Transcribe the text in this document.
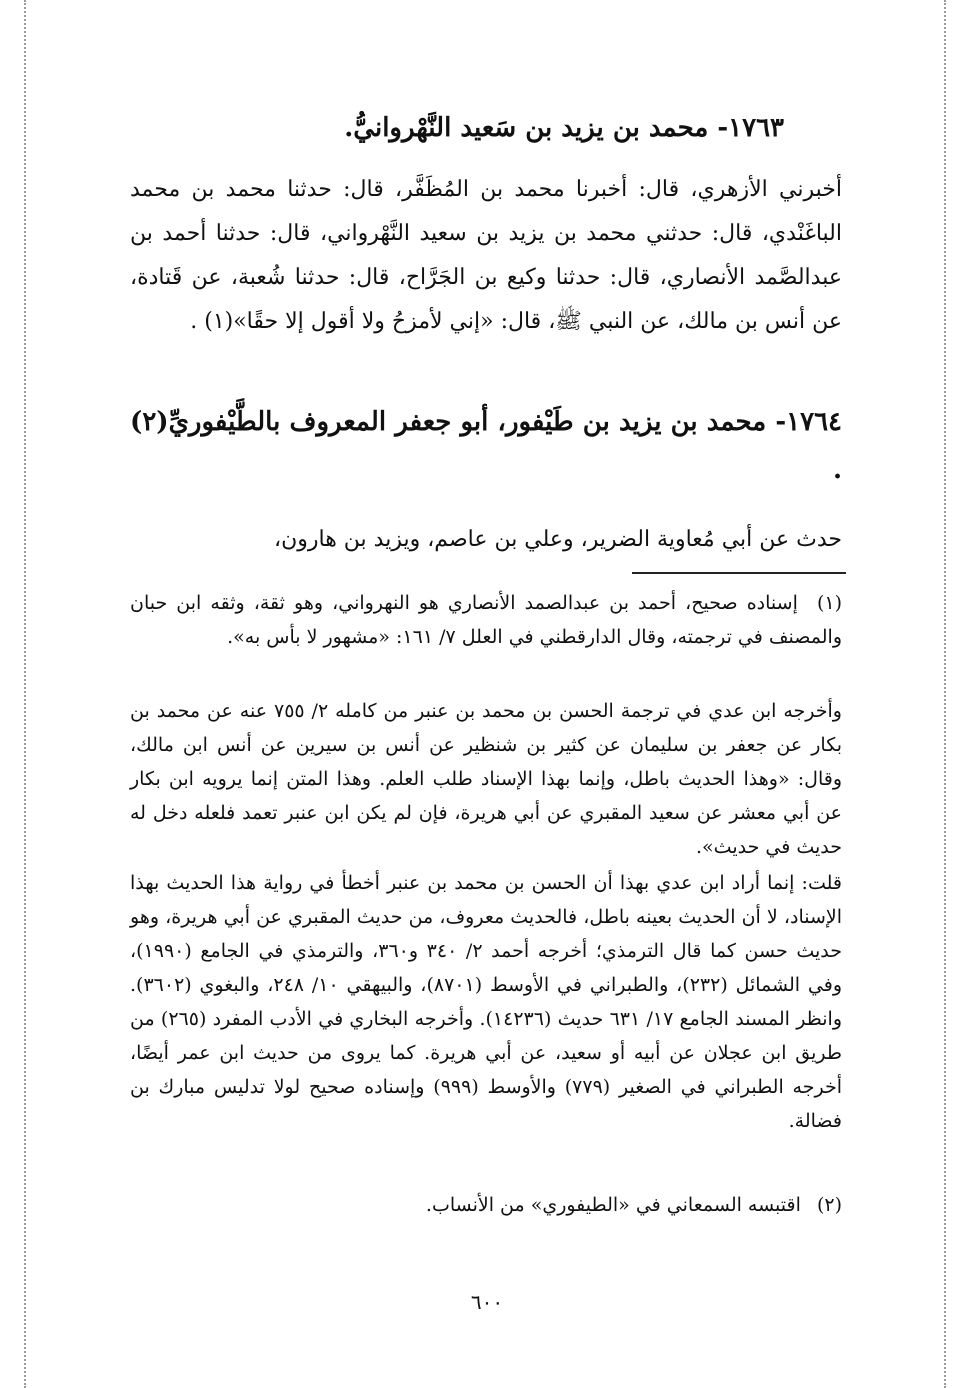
١٧٦٣- محمد بن يزيد بن سَعيد النَّهْروانيُّ.
أخبرني الأزهري، قال: أخبرنا محمد بن المُظَفَّر، قال: حدثنا محمد بن محمد الباغَنْدي، قال: حدثني محمد بن يزيد بن سعيد النَّهْرواني، قال: حدثنا أحمد بن عبدالصَّمد الأنصاري، قال: حدثنا وكيع بن الجَرَّاح، قال: حدثنا شُعبة، عن قَتادة، عن أنس بن مالك، عن النبي ﷺ، قال: «إني لأمزحُ ولا أقول إلا حقًا»(١) .
١٧٦٤- محمد بن يزيد بن طَيْفور، أبو جعفر المعروف بالطَّيْفوريِّ(٢) .
حدث عن أبي مُعاوية الضرير، وعلي بن عاصم، ويزيد بن هارون،
(١) إسناده صحيح، أحمد بن عبدالصمد الأنصاري هو النهرواني، وهو ثقة، وثقه ابن حبان والمصنف في ترجمته، وقال الدارقطني في العلل ٧/ ١٦١: «مشهور لا بأس به».
وأخرجه ابن عدي في ترجمة الحسن بن محمد بن عنبر من كامله ٢/ ٧٥٥ عنه عن محمد بن بكار عن جعفر بن سليمان عن كثير بن شنظير عن أنس بن سيرين عن أنس ابن مالك، وقال: «وهذا الحديث باطل، وإنما بهذا الإسناد طلب العلم. وهذا المتن إنما يرويه ابن بكار عن أبي معشر عن سعيد المقبري عن أبي هريرة، فإن لم يكن ابن عنبر تعمد فلعله دخل له حديث في حديث».
قلت: إنما أراد ابن عدي بهذا أن الحسن بن محمد بن عنبر أخطأ في رواية هذا الحديث بهذا الإسناد، لا أن الحديث بعينه باطل، فالحديث معروف، من حديث المقبري عن أبي هريرة، وهو حديث حسن كما قال الترمذي؛ أخرجه أحمد ٢/ ٣٤٠ و٣٦٠، والترمذي في الجامع (١٩٩٠)، وفي الشمائل (٢٣٢)، والطبراني في الأوسط (٨٧٠١)، والبيهقي ١٠/ ٢٤٨، والبغوي (٣٦٠٢). وانظر المسند الجامع ١٧/ ٦٣١ حديث (١٤٢٣٦). وأخرجه البخاري في الأدب المفرد (٢٦٥) من طريق ابن عجلان عن أبيه أو سعيد، عن أبي هريرة. كما يروى من حديث ابن عمر أيضًا، أخرجه الطبراني في الصغير (٧٧٩) والأوسط (٩٩٩) وإسناده صحيح لولا تدليس مبارك بن فضالة.
(٢) اقتبسه السمعاني في «الطيفوري» من الأنساب.
٦٠٠
